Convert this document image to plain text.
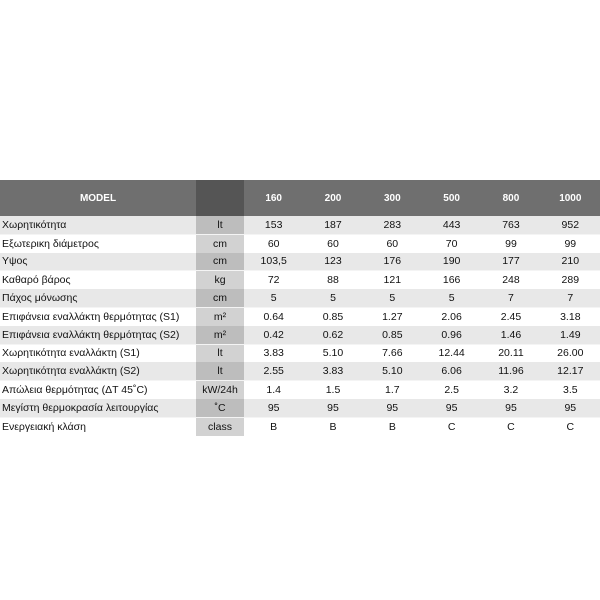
MODEL		160	200	300	500	800	1000
Χωρητικότητα	lt	153	187	283	443	763	952
Εξωτερικη διάμετρος	cm	60	60	60	70	99	99
Υψος	cm	103,5	123	176	190	177	210
Καθαρό βάρος	kg	72	88	121	166	248	289
Πάχος μόνωσης	cm	5	5	5	5	7	7
Επιφάνεια εναλλάκτη θερμότητας (S1)	m²	0.64	0.85	1.27	2.06	2.45	3.18
Επιφάνεια εναλλάκτη θερμότητας (S2)	m²	0.42	0.62	0.85	0.96	1.46	1.49
Χωρητικότητα εναλλάκτη (S1)	lt	3.83	5.10	7.66	12.44	20.11	26.00
Χωρητικότητα εναλλάκτη (S2)	lt	2.55	3.83	5.10	6.06	11.96	12.17
Απώλεια θερμότητας (ΔT 45˚C)	kW/24h	1.4	1.5	1.7	2.5	3.2	3.5
Μεγίστη θερμοκρασία λειτουργίας	˚C	95	95	95	95	95	95
Ενεργειακή κλάση	class	B	B	B	C	C	C
